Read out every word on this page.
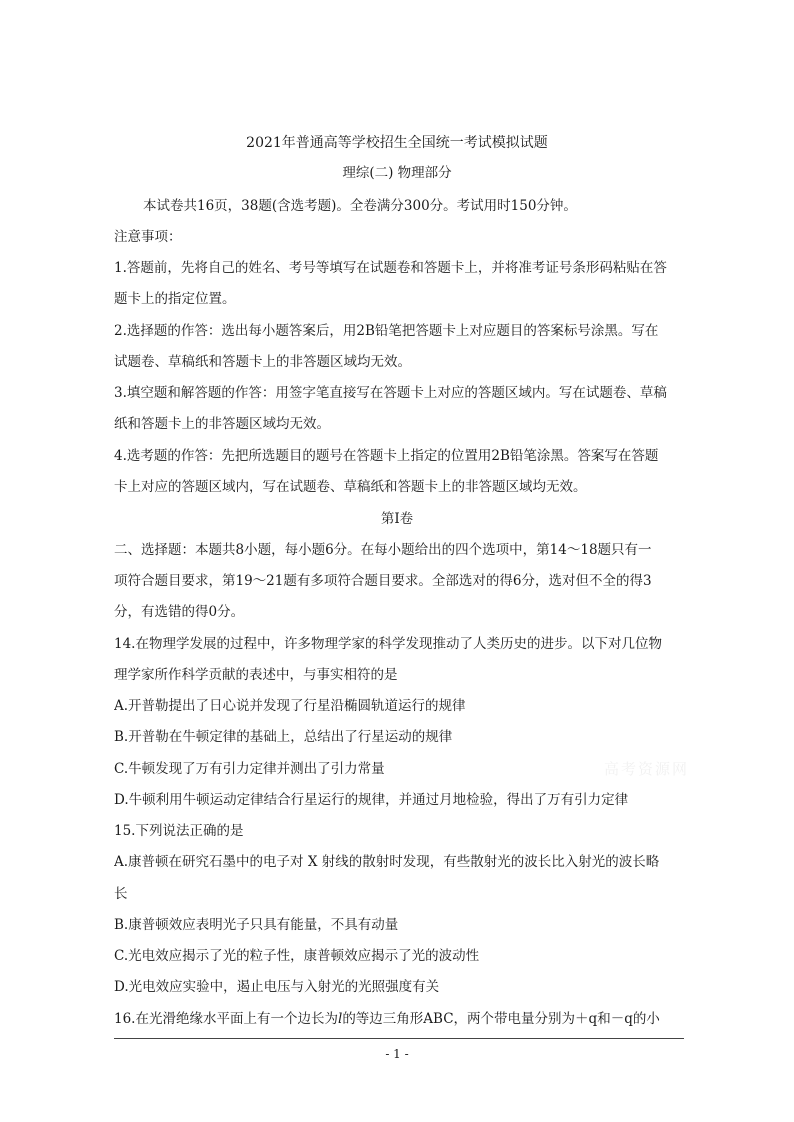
2021年普通高等学校招生全国统一考试模拟试题
理综(二) 物理部分
本试卷共16页，38题(含选考题)。全卷满分300分。考试用时150分钟。
注意事项：
1.答题前，先将自己的姓名、考号等填写在试题卷和答题卡上，并将准考证号条形码粘贴在答
题卡上的指定位置。
2.选择题的作答：选出每小题答案后，用2B铅笔把答题卡上对应题目的答案标号涂黑。写在
试题卷、草稿纸和答题卡上的非答题区域均无效。
3.填空题和解答题的作答：用签字笔直接写在答题卡上对应的答题区域内。写在试题卷、草稿
纸和答题卡上的非答题区域均无效。
4.选考题的作答：先把所选题目的题号在答题卡上指定的位置用2B铅笔涂黑。答案写在答题
卡上对应的答题区域内，写在试题卷、草稿纸和答题卡上的非答题区域均无效。
第I卷
二、选择题：本题共8小题，每小题6分。在每小题给出的四个选项中，第14～18题只有一
项符合题目要求，第19～21题有多项符合题目要求。全部选对的得6分，选对但不全的得3
分，有选错的得0分。
14.在物理学发展的过程中，许多物理学家的科学发现推动了人类历史的进步。以下对几位物
理学家所作科学贡献的表述中，与事实相符的是
A.开普勒提出了日心说并发现了行星沿椭圆轨道运行的规律
B.开普勒在牛顿定律的基础上，总结出了行星运动的规律
C.牛顿发现了万有引力定律并测出了引力常量
D.牛顿利用牛顿运动定律结合行星运行的规律，并通过月地检验，得出了万有引力定律
15.下列说法正确的是
A.康普顿在研究石墨中的电子对 X 射线的散射时发现，有些散射光的波长比入射光的波长略
长
B.康普顿效应表明光子只具有能量，不具有动量
C.光电效应揭示了光的粒子性，康普顿效应揭示了光的波动性
D.光电效应实验中，遏止电压与入射光的光照强度有关
16.在光滑绝缘水平面上有一个边长为l的等边三角形ABC，两个带电量分别为＋q和－q的小
高考资源网
- 1 -
